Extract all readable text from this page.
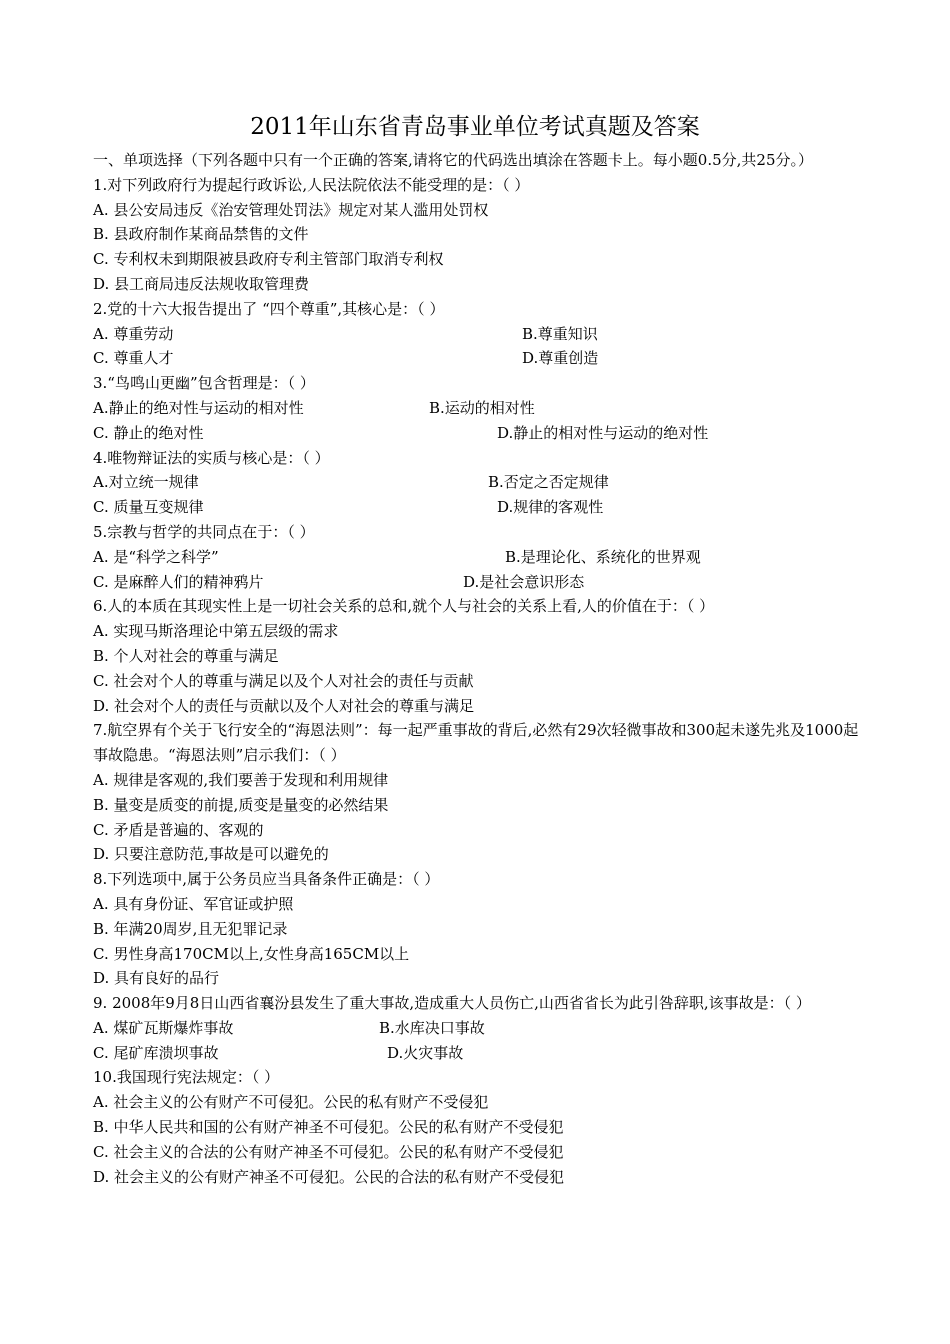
2011年山东省青岛事业单位考试真题及答案
一、单项选择（下列各题中只有一个正确的答案,请将它的代码选出填涂在答题卡上。每小题0.5分,共25分。）
1.对下列政府行为提起行政诉讼,人民法院依法不能受理的是：（ ）
A. 县公安局违反《治安管理处罚法》规定对某人滥用处罚权
B. 县政府制作某商品禁售的文件
C. 专利权未到期限被县政府专利主管部门取消专利权
D. 县工商局违反法规收取管理费
2.党的十六大报告提出了 “四个尊重”,其核心是：（ ）
A. 尊重劳动	B.尊重知识
C. 尊重人才	D.尊重创造
3.“鸟鸣山更幽”包含哲理是：（ ）
A.静止的绝对性与运动的相对性	B.运动的相对性
C. 静止的绝对性	D.静止的相对性与运动的绝对性
4.唯物辩证法的实质与核心是：（ ）
A.对立统一规律	B.否定之否定规律
C. 质量互变规律	D.规律的客观性
5.宗教与哲学的共同点在于：（ ）
A. 是“科学之科学”	B.是理论化、系统化的世界观
C. 是麻醉人们的精神鸦片	D.是社会意识形态
6.人的本质在其现实性上是一切社会关系的总和,就个人与社会的关系上看,人的价值在于：（ ）
A. 实现马斯洛理论中第五层级的需求
B. 个人对社会的尊重与满足
C. 社会对个人的尊重与满足以及个人对社会的责任与贡献
D. 社会对个人的责任与贡献以及个人对社会的尊重与满足
7.航空界有个关于飞行安全的“海恩法则”：每一起严重事故的背后,必然有29次轻微事故和300起未遂先兆及1000起事故隐患。“海恩法则”启示我们：（ ）
A. 规律是客观的,我们要善于发现和利用规律
B. 量变是质变的前提,质变是量变的必然结果
C. 矛盾是普遍的、客观的
D. 只要注意防范,事故是可以避免的
8.下列选项中,属于公务员应当具备条件正确是：（ ）
A. 具有身份证、军官证或护照
B. 年满20周岁,且无犯罪记录
C. 男性身高170CM以上,女性身高165CM以上
D. 具有良好的品行
9. 2008年9月8日山西省襄汾县发生了重大事故,造成重大人员伤亡,山西省省长为此引咎辞职,该事故是：（ ）
A. 煤矿瓦斯爆炸事故	B.水库决口事故
C. 尾矿库溃坝事故	D.火灾事故
10.我国现行宪法规定：（ ）
A. 社会主义的公有财产不可侵犯。公民的私有财产不受侵犯
B. 中华人民共和国的公有财产神圣不可侵犯。公民的私有财产不受侵犯
C. 社会主义的合法的公有财产神圣不可侵犯。公民的私有财产不受侵犯
D. 社会主义的公有财产神圣不可侵犯。公民的合法的私有财产不受侵犯
